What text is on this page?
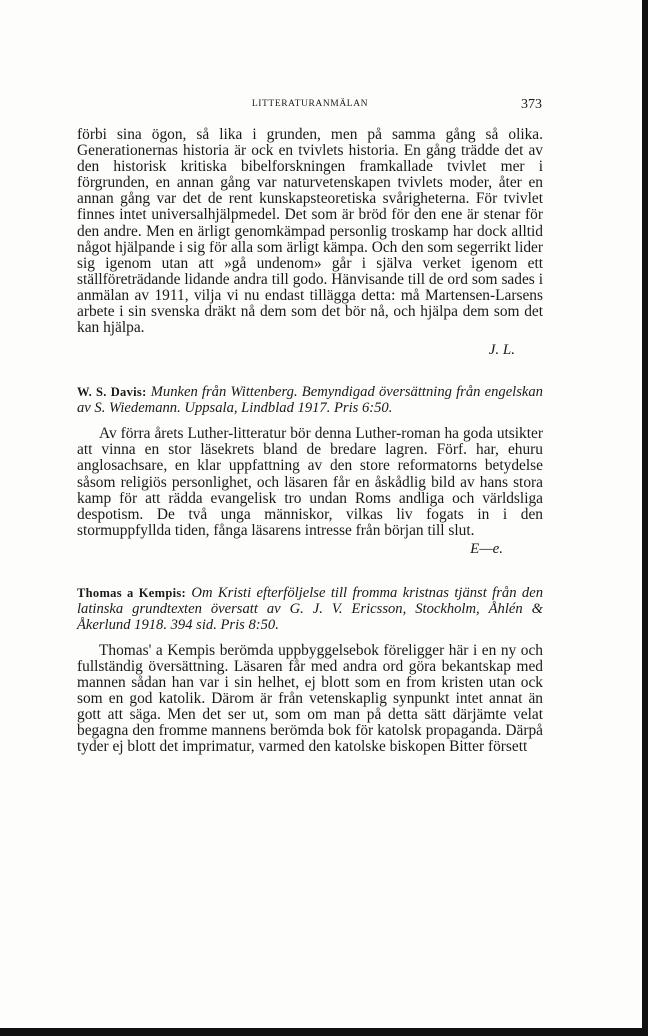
LITTERATURANMÄLAN	373

förbi sina ögon, så lika i grunden, men på samma gång så olika. Generationernas historia är ock en tvivlets historia. En gång trädde det av den historisk kritiska bibelforskningen framkallade tvivlet mer i förgrunden, en annan gång var naturvetenskapen tvivlets moder, åter en annan gång var det de rent kunskapsteoretiska svårigheterna. För tvivlet finnes intet universalhjälpmedel. Det som är bröd för den ene är stenar för den andre. Men en ärligt genomkämpad personlig troskamp har dock alltid något hjälpande i sig för alla som ärligt kämpa. Och den som segerrikt lider sig igenom utan att »gå undenom» går i själva verket igenom ett ställföreträdande lidande andra till godo. Hänvisande till de ord som sades i anmälan av 1911, vilja vi nu endast tillägga detta: må Martensen-Larsens arbete i sin svenska dräkt nå dem som det bör nå, och hjälpa dem som det kan hjälpa.

J. L.
W. S. Davis: Munken från Wittenberg. Bemyndigad översättning från engelskan av S. Wiedemann. Uppsala, Lindblad 1917. Pris 6:50.

Av förra årets Luther-litteratur bör denna Luther-roman ha goda utsikter att vinna en stor läsekrets bland de bredare lagren. Förf. har, ehuru anglosachsare, en klar uppfattning av den store reformatorns betydelse såsom religiös personlighet, och läsaren får en åskådlig bild av hans stora kamp för att rädda evangelisk tro undan Roms andliga och världsliga despotism. De två unga människor, vilkas liv fogats in i den stormuppfyllda tiden, fånga läsarens intresse från början till slut.

E—e.
Thomas a Kempis: Om Kristi efterföljelse till fromma kristnas tjänst från den latinska grundtexten översatt av G. J. V. Ericsson, Stockholm, Åhlén & Åkerlund 1918. 394 sid. Pris 8:50.

Thomas' a Kempis berömda uppbyggelsebok föreligger här i en ny och fullständig översättning. Läsaren får med andra ord göra bekantskap med mannen sådan han var i sin helhet, ej blott som en from kristen utan ock som en god katolik. Därom är från vetenskaplig synpunkt intet annat än gott att säga. Men det ser ut, som om man på detta sätt därjämte velat begagna den fromme mannens berömda bok för katolsk propaganda. Därpå tyder ej blott det imprimatur, varmed den katolske biskopen Bitter försett
